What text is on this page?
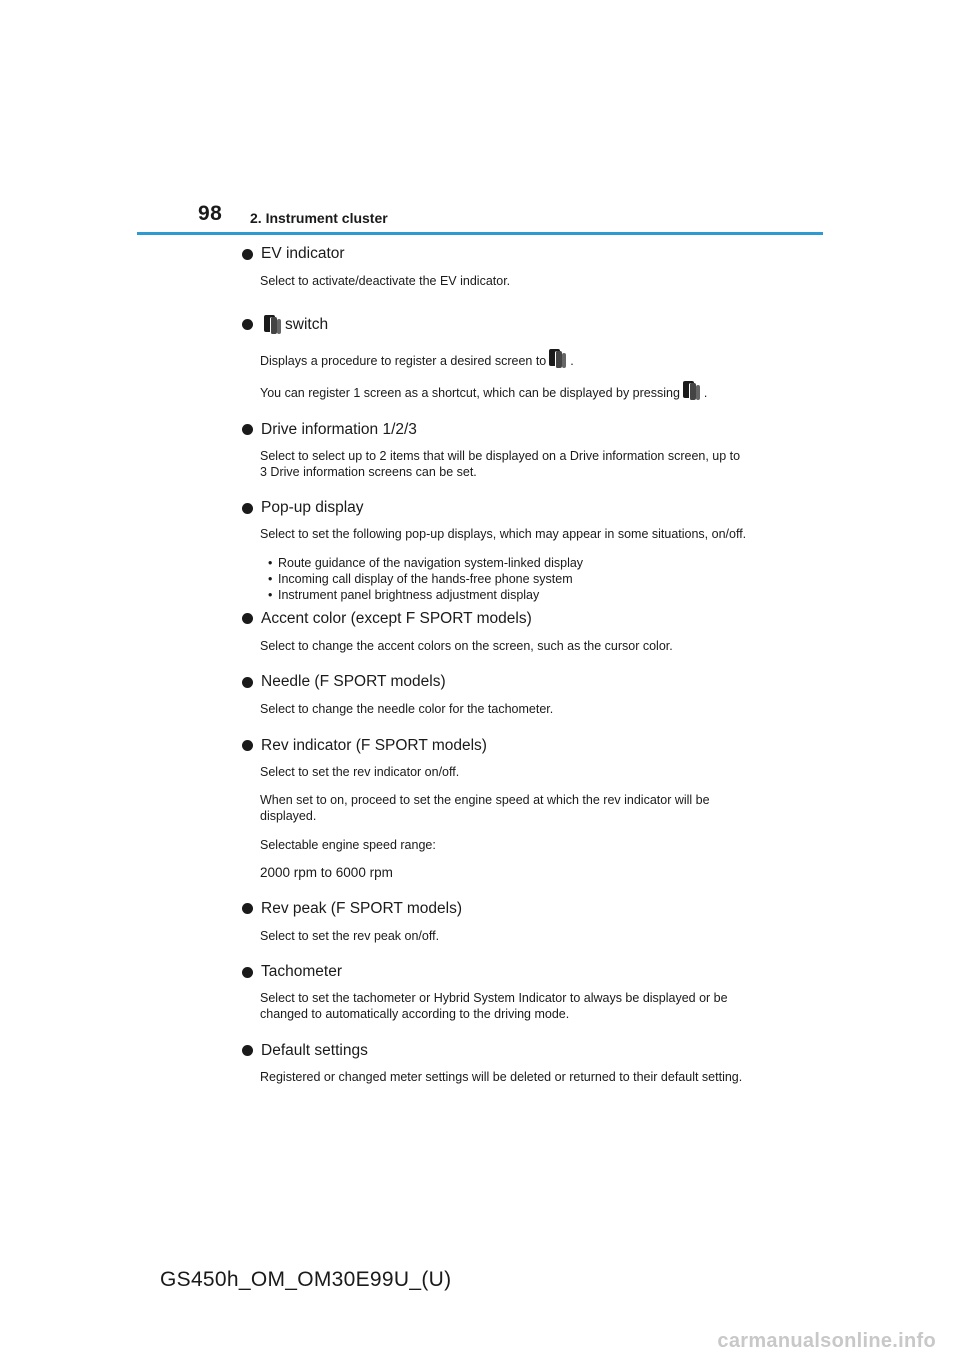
98 2. Instrument cluster
EV indicator

Select to activate/deactivate the EV indicator.

switch

Displays a procedure to register a desired screen to .

You can register 1 screen as a shortcut, which can be displayed by pressing .

Drive information 1/2/3

Select to select up to 2 items that will be displayed on a Drive information screen, up to 3 Drive information screens can be set.

Pop-up display

Select to set the following pop-up displays, which may appear in some situations, on/off.

• Route guidance of the navigation system-linked display
• Incoming call display of the hands-free phone system
• Instrument panel brightness adjustment display
Accent color (except F SPORT models)

Select to change the accent colors on the screen, such as the cursor color.

Needle (F SPORT models)

Select to change the needle color for the tachometer.

Rev indicator (F SPORT models)

Select to set the rev indicator on/off.

When set to on, proceed to set the engine speed at which the rev indicator will be displayed.

Selectable engine speed range:

2000 rpm to 6000 rpm

Rev peak (F SPORT models)

Select to set the rev peak on/off.

Tachometer

Select to set the tachometer or Hybrid System Indicator to always be displayed or be changed to automatically according to the driving mode.

Default settings

Registered or changed meter settings will be deleted or returned to their default setting.

GS450h_OM_OM30E99U_(U)
carmanualsonline.info
